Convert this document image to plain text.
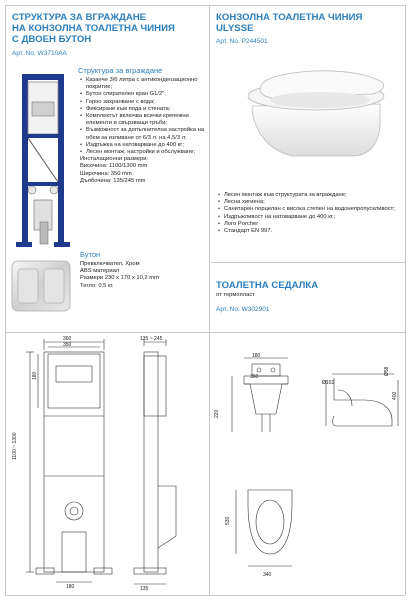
СТРУКТУРА ЗА ВГРАЖДАНЕ
НА КОНЗОЛНА ТОАЛЕТНА ЧИНИЯ
С ДВОЕН БУТОН
Арт. No. W3710AA
Структура за вграждане
• Казанче 3/6 литра с антикондензационно покритие;
• Бутон спирателен кран G1/2";
• Горно захранване с вода;
• Фиксиране към пода и стената;
• Комплектът включва всички крепежни елементи и свързващи тръби;
• Възможност за допълнителна настройка на обем за изливане от 6/3 л. на 4,5/3 л;
• Издръжка на натоварване до 400 кг;
• Лесен монтаж, настройки и обслужване;
Инсталационни размери:
Височина: 1100/1300 mm
Широчина: 350 mm
Дълбочина: 135/245 mm
Бутон
Превключвател, Хром
ABS материал
Размери 230 х 170 х 10,2 mm
Тегло: 0,5 кг.
КОНЗОЛНА ТОАЛЕТНА ЧИНИЯ
ULYSSE
Арт. No. P244501
• Лесен монтаж към структурата за вграждане;
• Лесна хигиена;
• Санитарен порцелан с висока степен на водонепропускливост;
• Издръжливост на натоварване до 400 кг.;
• Лого Porcher
• Стандарт EN 997.
ТОАЛЕТНА СЕДАЛКА
от термопласт
Арт. No. W302901
360
350
135 ~ 245
1100 ~ 1300
180
180	135
180
360
220
Ø102
400
Ø58
530
340
